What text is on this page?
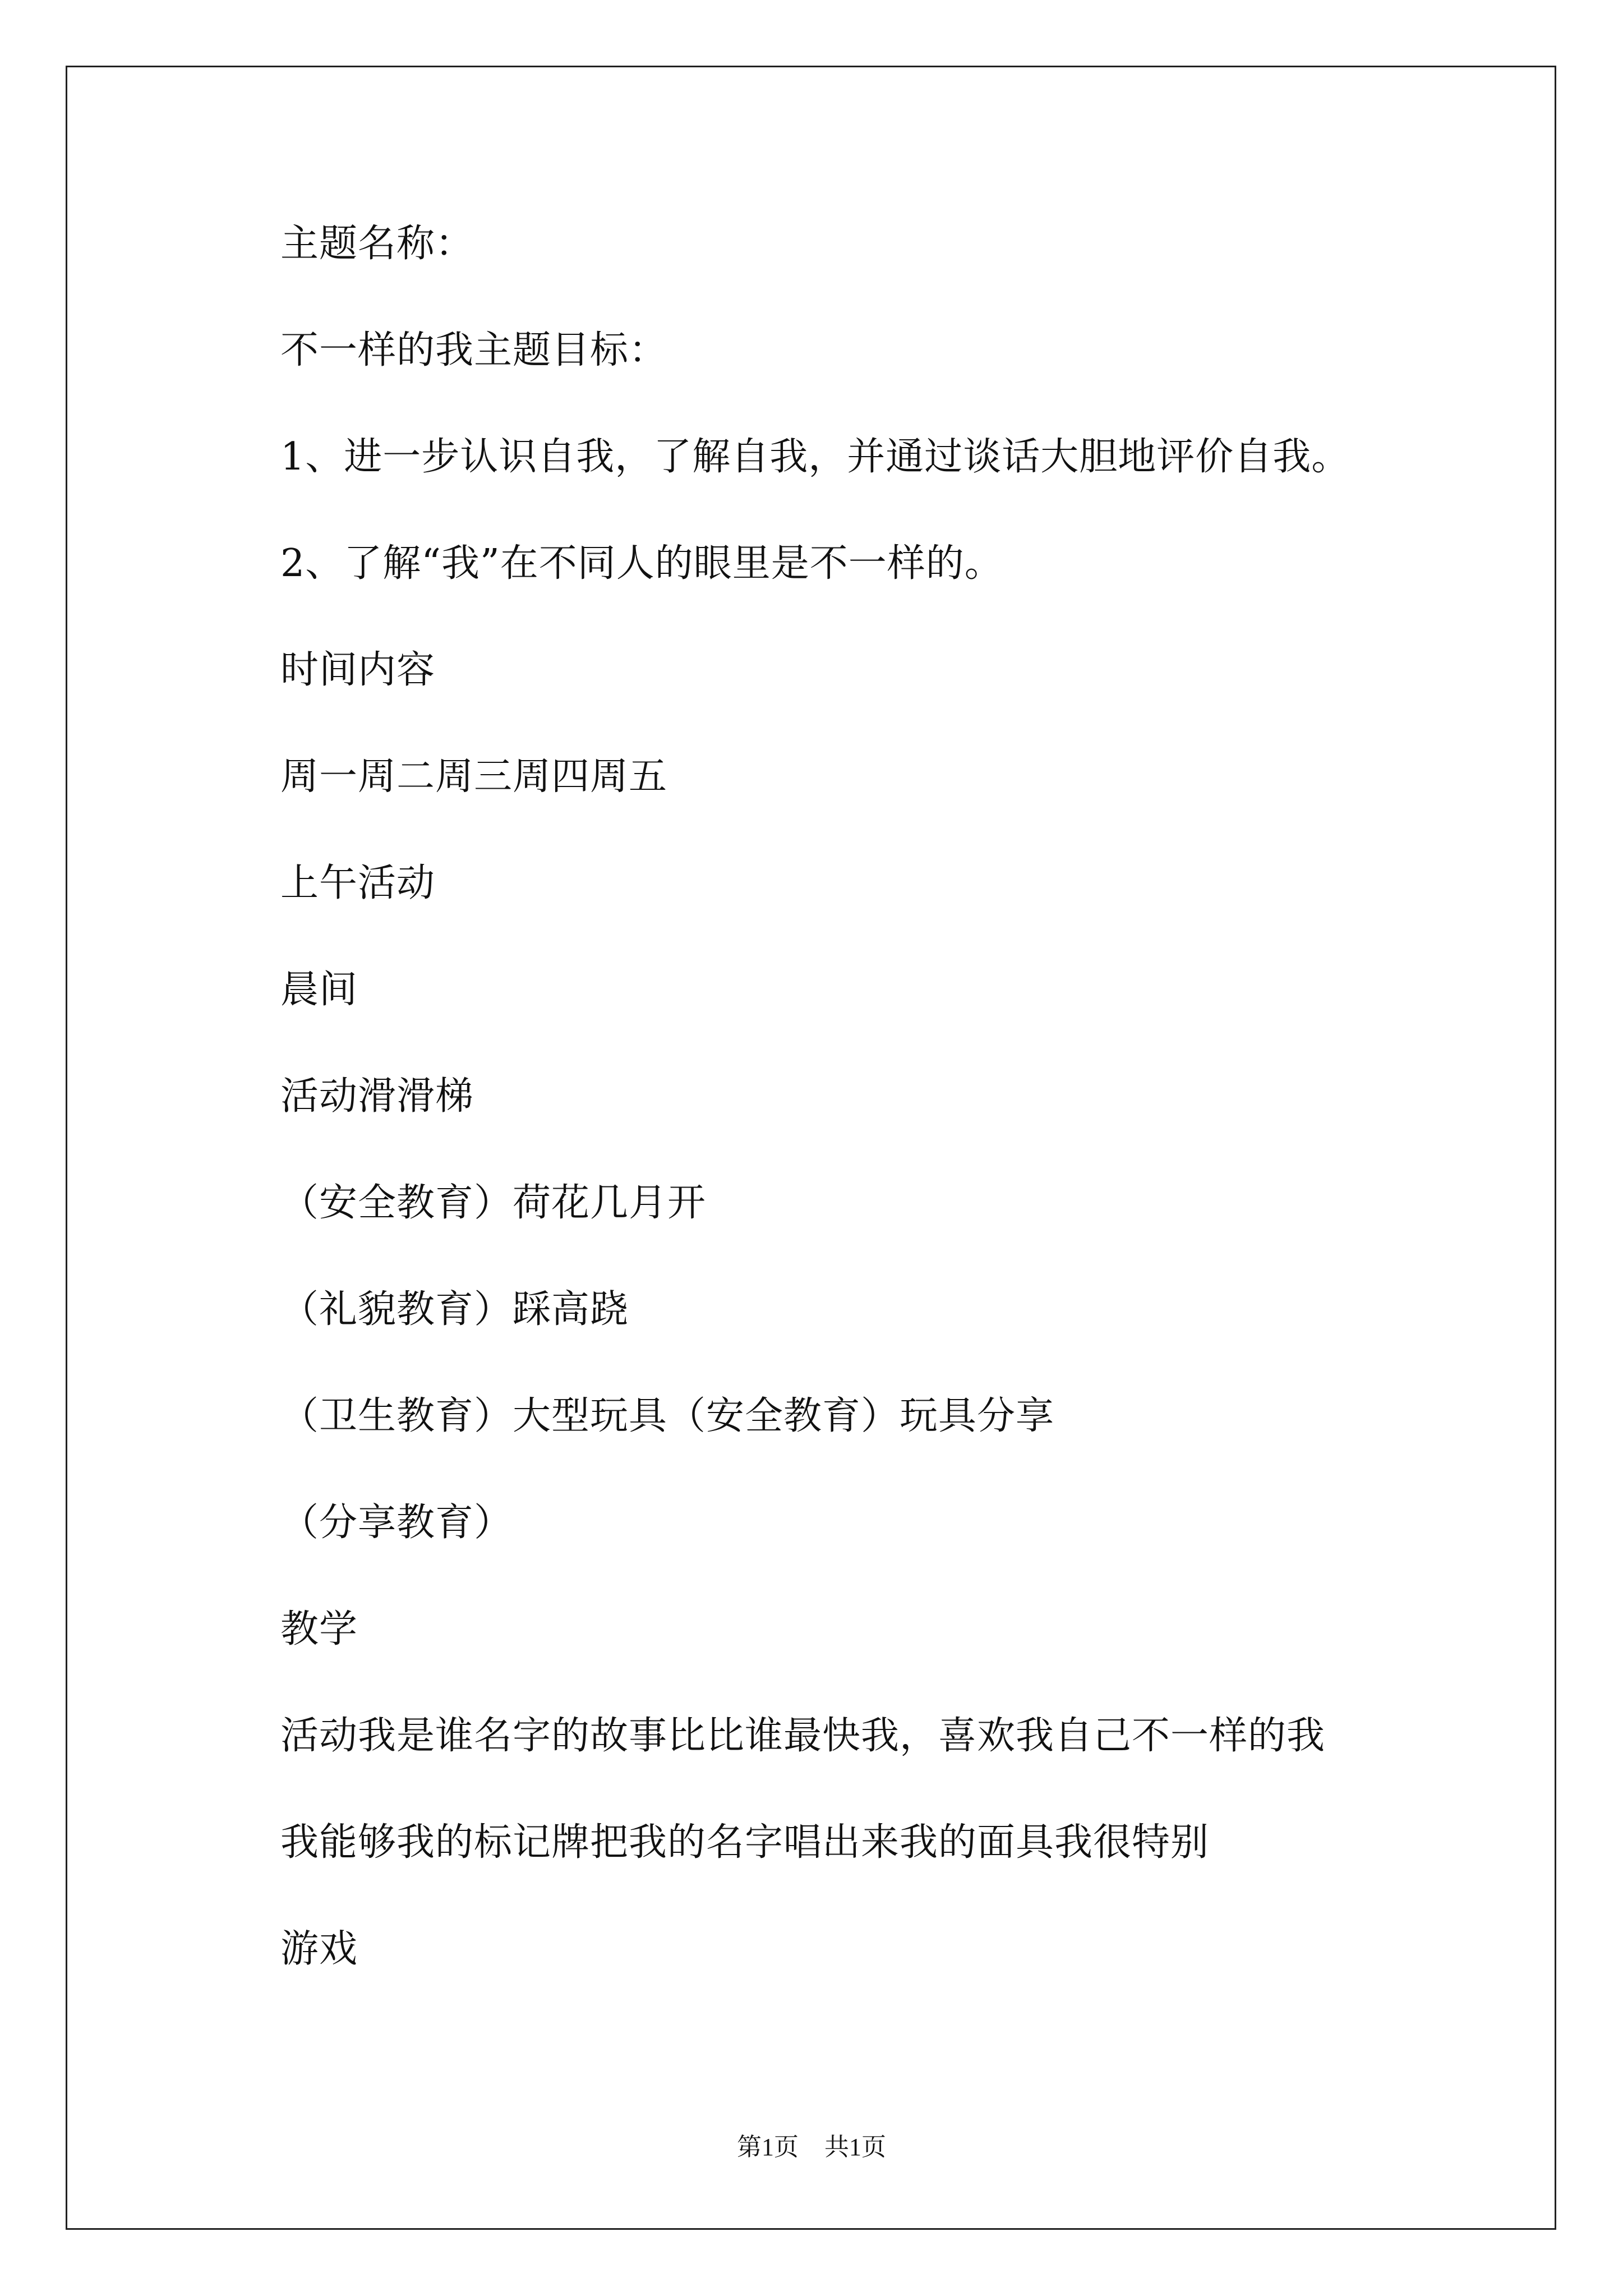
主题名称：
不一样的我主题目标：
1、进一步认识自我，了解自我，并通过谈话大胆地评价自我。
2、了解“我”在不同人的眼里是不一样的。
时间内容
周一周二周三周四周五
上午活动
晨间
活动滑滑梯
（安全教育）荷花几月开
（礼貌教育）踩高跷
（卫生教育）大型玩具（安全教育）玩具分享
（分享教育）
教学
活动我是谁名字的故事比比谁最快我，喜欢我自己不一样的我
我能够我的标记牌把我的名字唱出来我的面具我很特别
游戏
第1页 共1页
